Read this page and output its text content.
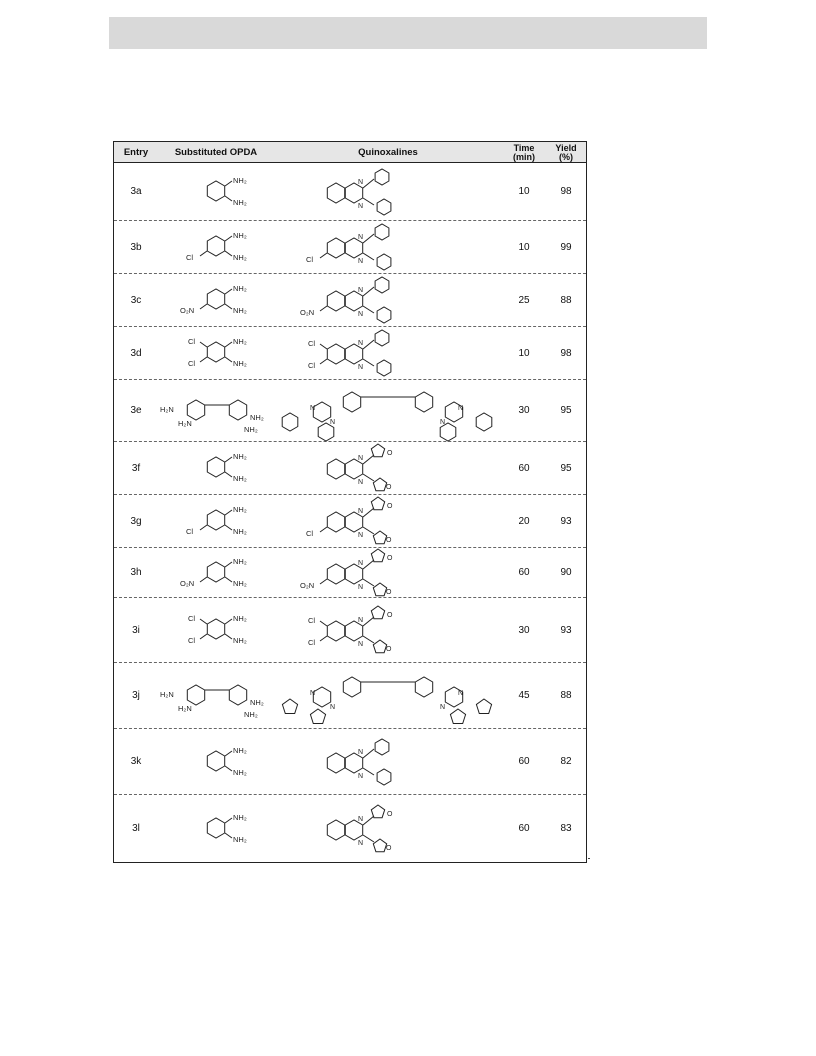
Entry	Substituted OPDA	Quinoxalines	Time
(min)
Yield
(%)
3a
NH₂
NH₂
N
N
10	98
3b
NH₂
NH₂
Cl
N
N
Cl
10	99
3c
NH₂
NH₂
O₂N
N
N
O₂N
25	88
3d
NH₂
NH₂
Cl
Cl
N
N
Cl
Cl
10	98
3e	H₂N
H₂N
NH₂
NH₂
N
N	N
N	30	95
3f
NH₂
NH₂
N
N
O
O
60	95
3g
NH₂
NH₂
Cl
N
N
O
O
Cl
20	93
3h
NH₂
NH₂
O₂N
N
N
O
O
O₂N
60	90
3i
NH₂
NH₂
Cl
Cl
N
N
O
O
Cl
Cl
30	93
3j	H₂N
H₂N
NH₂
NH₂
N
N	N
N	45	88
3k
NH₂
NH₂
N
N
60	82
3l
NH₂
NH₂
N
N
O
O
60	83
